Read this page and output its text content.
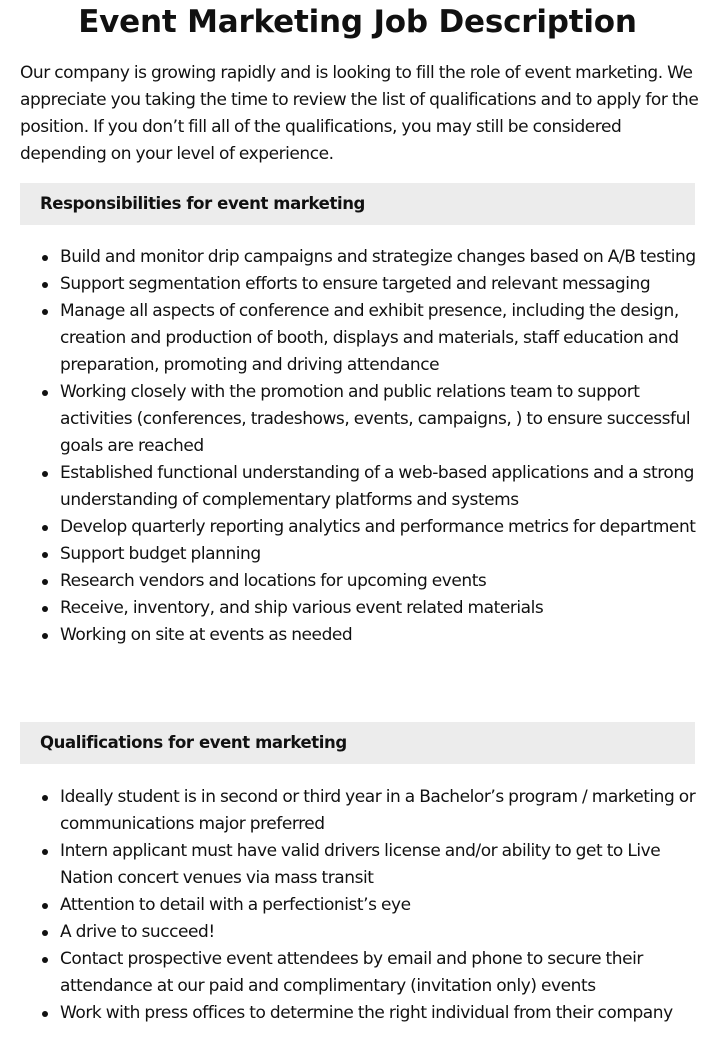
Event Marketing Job Description

Our company is growing rapidly and is looking to fill the role of event marketing. We appreciate you taking the time to review the list of qualifications and to apply for the position. If you don’t fill all of the qualifications, you may still be considered depending on your level of experience.

Responsibilities for event marketing
Build and monitor drip campaigns and strategize changes based on A/B testing
Support segmentation efforts to ensure targeted and relevant messaging
Manage all aspects of conference and exhibit presence, including the design, creation and production of booth, displays and materials, staff education and preparation, promoting and driving attendance
Working closely with the promotion and public relations team to support activities (conferences, tradeshows, events, campaigns, ) to ensure successful goals are reached
Established functional understanding of a web-based applications and a strong understanding of complementary platforms and systems
Develop quarterly reporting analytics and performance metrics for department
Support budget planning
Research vendors and locations for upcoming events
Receive, inventory, and ship various event related materials
Working on site at events as needed
Qualifications for event marketing
Ideally student is in second or third year in a Bachelor’s program / marketing or communications major preferred
Intern applicant must have valid drivers license and/or ability to get to Live Nation concert venues via mass transit
Attention to detail with a perfectionist’s eye
A drive to succeed!
Contact prospective event attendees by email and phone to secure their attendance at our paid and complimentary (invitation only) events
Work with press offices to determine the right individual from their company
